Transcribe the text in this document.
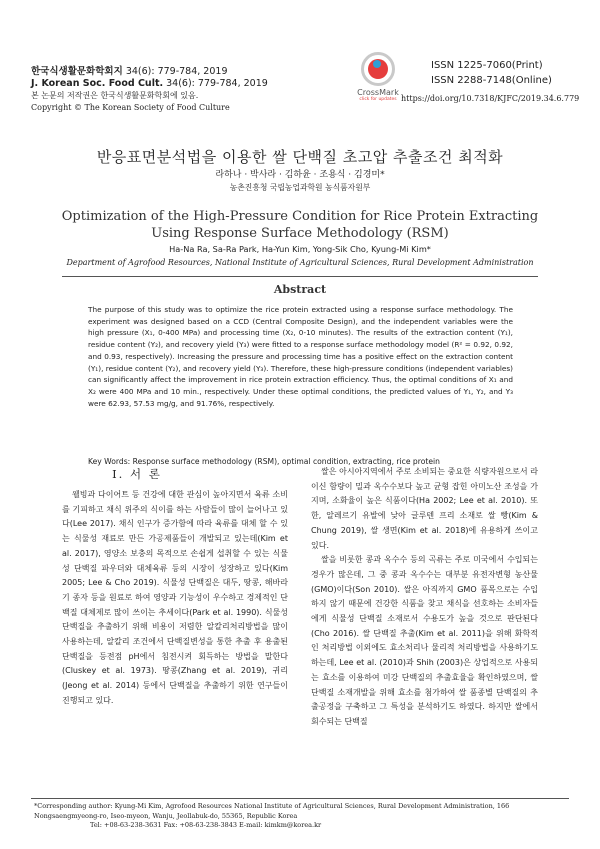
한국식생활문화학회지 34(6): 779-784, 2019
J. Korean Soc. Food Cult. 34(6): 779-784, 2019
본 논문의 저작권은 한국식생활문화학회에 있음.
Copyright © The Korean Society of Food Culture
CrossMark
click for updates
ISSN 1225-7060(Print)
ISSN 2288-7148(Online)
https://doi.org/10.7318/KJFC/2019.34.6.779
반응표면분석법을 이용한 쌀 단백질 초고압 추출조건 최적화
라하나 · 박사라 · 김하윤 · 조용식 · 김경미*
농촌진흥청 국립농업과학원 농식품자원부
Optimization of the High-Pressure Condition for Rice Protein Extracting
Using Response Surface Methodology (RSM)
Ha-Na Ra, Sa-Ra Park, Ha-Yun Kim, Yong-Sik Cho, Kyung-Mi Kim*
Department of Agrofood Resources, National Institute of Agricultural Sciences, Rural Development Administration
Abstract
The purpose of this study was to optimize the rice protein extracted using a response surface methodology. The experiment was designed based on a CCD (Central Composite Design), and the independent variables were the high pressure (X₁, 0-400 MPa) and processing time (X₂, 0-10 minutes). The results of the extraction content (Y₁), residue content (Y₂), and recovery yield (Y₃) were fitted to a response surface methodology model (R² = 0.92, 0.92, and 0.93, respectively). Increasing the pressure and processing time has a positive effect on the extraction content (Y₁), residue content (Y₂), and recovery yield (Y₃). Therefore, these high-pressure conditions (independent variables) can significantly affect the improvement in rice protein extraction efficiency. Thus, the optimal conditions of X₁ and X₂ were 400 MPa and 10 min., respectively. Under these optimal conditions, the predicted values of Y₁, Y₂, and Y₃ were 62.93, 57.53 mg/g, and 91.76%, respectively.
Key Words: Response surface methodology (RSM), optimal condition, extracting, rice protein
I. 서 론

웰빙과 다이어트 등 건강에 대한 관심이 높아지면서 육류 소비를 기피하고 채식 위주의 식이를 하는 사람들이 많이 늘어나고 있다(Lee 2017). 채식 인구가 증가함에 따라 육류를 대체 할 수 있는 식물성 재료로 만든 가공제품들이 개발되고 있는데(Kim et al. 2017), 영양소 보충의 목적으로 손쉽게 섭취할 수 있는 식물성 단백질 파우더와 대체육류 등의 시장이 성장하고 있다(Kim 2005; Lee & Cho 2019). 식물성 단백질은 대두, 땅콩, 해바라기 종자 등을 원료로 하여 영양과 기능성이 우수하고 경제적인 단백질 대체제로 많이 쓰이는 추세이다(Park et al. 1990). 식물성 단백질을 추출하기 위해 비용이 저렴한 알칼리처리방법을 많이 사용하는데, 알칼리 조건에서 단백질변성을 통한 추출 후 용출된 단백질을 등전점 pH에서 침전시켜 회득하는 방법을 말한다(Cluskey et al. 1973). 땅콩(Zhang et al. 2019), 귀리(Jeong et al. 2014) 등에서 단백질을 추출하기 위한 연구들이 진행되고 있다.

쌀은 아시아지역에서 주로 소비되는 중요한 식량자원으로서 라이신 함량이 밀과 옥수수보다 높고 균형 잡힌 아미노산 조성을 가지며, 소화율이 높은 식품이다(Ha 2002; Lee et al. 2010). 또한, 알레르기 유발에 낮아 글루텐 프리 소재로 쌀 빵(Kim & Chung 2019), 쌀 생면(Kim et al. 2018)에 유용하게 쓰이고 있다.

쌀을 비롯한 콩과 옥수수 등의 곡류는 주로 미국에서 수입되는 경우가 많은데, 그 중 콩과 옥수수는 대부분 유전자변형 농산물(GMO)이다(Son 2010). 쌀은 아직까지 GMO 품목으로는 수입하지 않기 때문에 건강한 식품을 찾고 채식을 선호하는 소비자들에게 식물성 단백질 소재로서 수용도가 높을 것으로 판단된다(Cho 2016). 쌀 단백질 추출(Kim et al. 2011)을 위해 화학적인 처리방법 이외에도 효소처리나 물리적 처리방법을 사용하기도 하는데, Lee et al. (2010)과 Shih (2003)은 상업적으로 사용되는 효소를 이용하여 미강 단백질의 추출효율을 확인하였으며, 쌀 단백질 소재개발을 위해 효소를 첨가하여 쌀 품종별 단백질의 추출공정을 구축하고 그 특성을 분석하기도 하였다. 하지만 쌀에서 회수되는 단백질

*Corresponding author: Kyung-Mi Kim, Agrofood Resources National Institute of Agricultural Sciences, Rural Development Administration, 166 Nongsaengmyeong-ro, Iseo-myeon, Wanju, Jeollabuk-do, 55365, Republic Korea
Tel: +08-63-238-3631 Fax: +08-63-238-3843 E-mail: kimkm@korea.kr
